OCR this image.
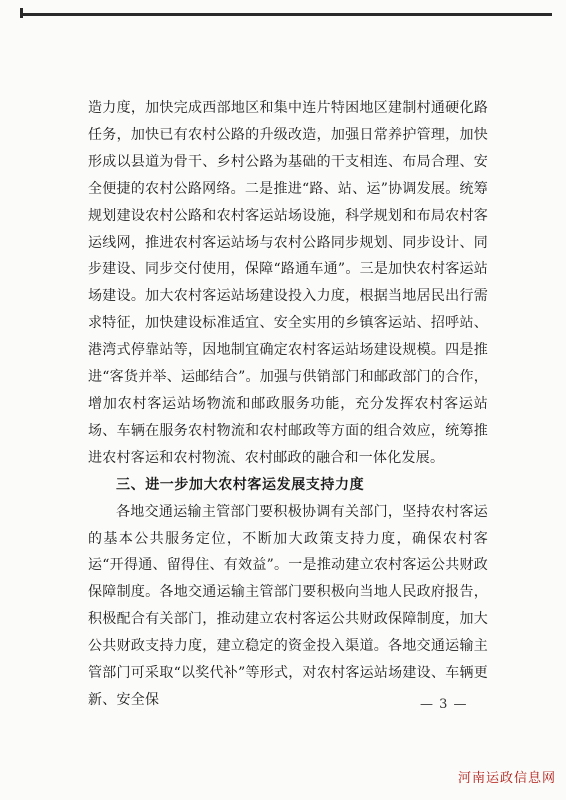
造力度，加快完成西部地区和集中连片特困地区建制村通硬化路任务，加快已有农村公路的升级改造，加强日常养护管理，加快形成以县道为骨干、乡村公路为基础的干支相连、布局合理、安全便捷的农村公路网络。二是推进“路、站、运”协调发展。统筹规划建设农村公路和农村客运站场设施，科学规划和布局农村客运线网，推进农村客运站场与农村公路同步规划、同步设计、同步建设、同步交付使用，保障“路通车通”。三是加快农村客运站场建设。加大农村客运站场建设投入力度，根据当地居民出行需求特征，加快建设标准适宜、安全实用的乡镇客运站、招呼站、港湾式停靠站等，因地制宜确定农村客运站场建设规模。四是推进“客货并举、运邮结合”。加强与供销部门和邮政部门的合作，增加农村客运站场物流和邮政服务功能，充分发挥农村客运站场、车辆在服务农村物流和农村邮政等方面的组合效应，统筹推进农村客运和农村物流、农村邮政的融合和一体化发展。

三、进一步加大农村客运发展支持力度

各地交通运输主管部门要积极协调有关部门，坚持农村客运的基本公共服务定位，不断加大政策支持力度，确保农村客运“开得通、留得住、有效益”。一是推动建立农村客运公共财政保障制度。各地交通运输主管部门要积极向当地人民政府报告，积极配合有关部门，推动建立农村客运公共财政保障制度，加大公共财政支持力度，建立稳定的资金投入渠道。各地交通运输主管部门可采取“以奖代补”等形式，对农村客运站场建设、车辆更新、安全保	— 3 —
河南运政信息网
